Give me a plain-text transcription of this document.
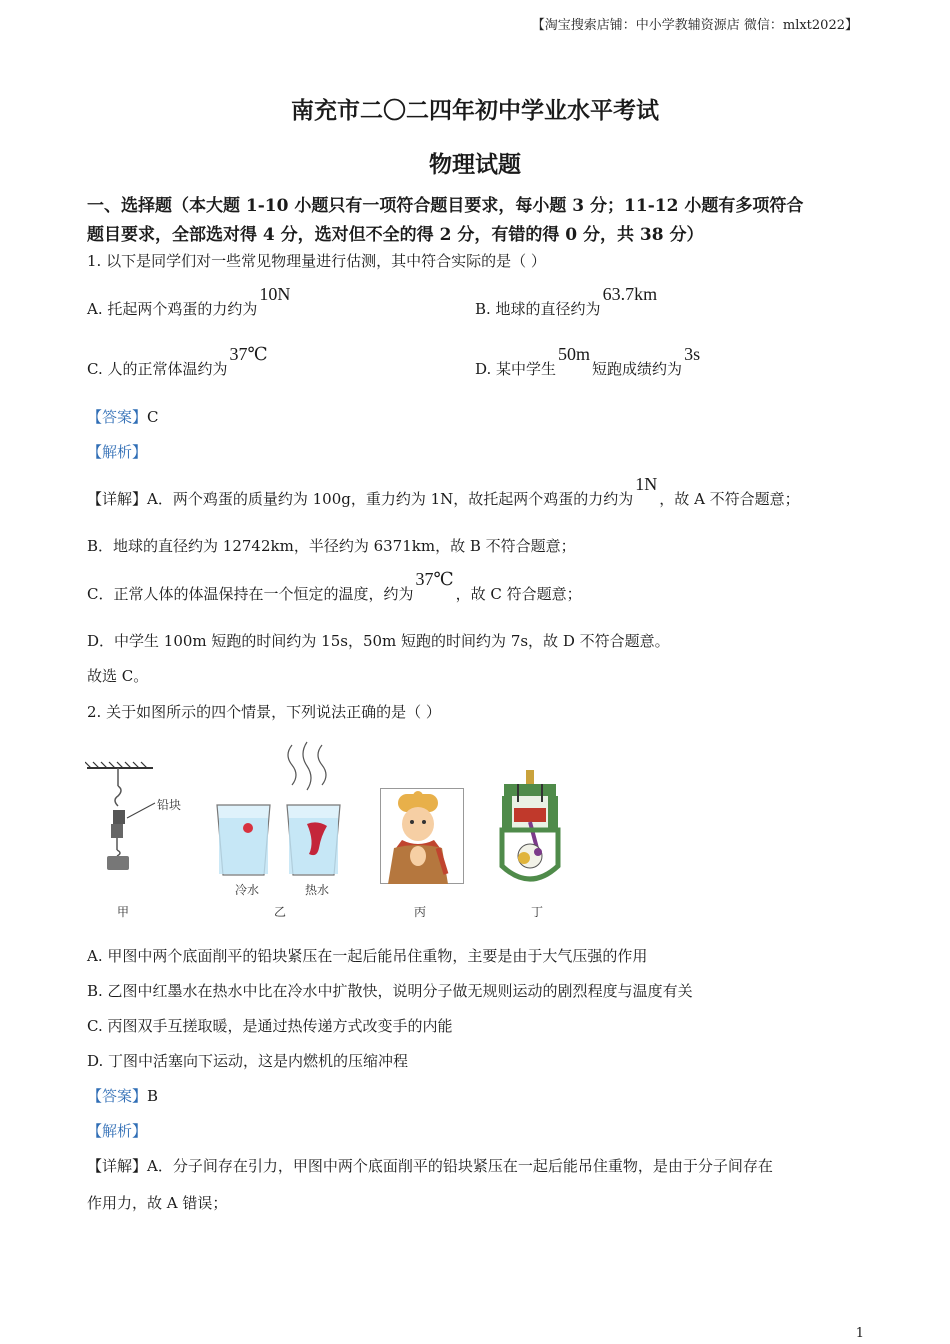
【淘宝搜索店铺：中小学教辅资源店 微信：mlxt2022】
南充市二〇二四年初中学业水平考试
物理试题
一、选择题（本大题 1-10 小题只有一项符合题目要求，每小题 3 分；11-12 小题有多项符合
题目要求，全部选对得 4 分，选对但不全的得 2 分，有错的得 0 分，共 38 分）
1. 以下是同学们对一些常见物理量进行估测，其中符合实际的是（ ）
A. 托起两个鸡蛋的力约为10N
B. 地球的直径约为63.7km
C. 人的正常体温约为37℃
D. 某中学生50m短跑成绩约为3s
【答案】C
【解析】
【详解】A．两个鸡蛋的质量约为 100g，重力约为 1N，故托起两个鸡蛋的力约为1N，故 A 不符合题意；
B．地球的直径约为 12742km，半径约为 6371km，故 B 不符合题意；
C．正常人体的体温保持在一个恒定的温度，约为37℃，故 C 符合题意；
D．中学生 100m 短跑的时间约为 15s，50m 短跑的时间约为 7s，故 D 不符合题意。
故选 C。
2. 关于如图所示的四个情景，下列说法正确的是（ ）
铅块
甲
冷水	热水
乙	丙	丁
A. 甲图中两个底面削平的铅块紧压在一起后能吊住重物，主要是由于大气压强的作用
B. 乙图中红墨水在热水中比在冷水中扩散快，说明分子做无规则运动的剧烈程度与温度有关
C. 丙图双手互搓取暖，是通过热传递方式改变手的内能
D. 丁图中活塞向下运动，这是内燃机的压缩冲程
【答案】B
【解析】
【详解】A．分子间存在引力，甲图中两个底面削平的铅块紧压在一起后能吊住重物，是由于分子间存在
作用力，故 A 错误；
1
